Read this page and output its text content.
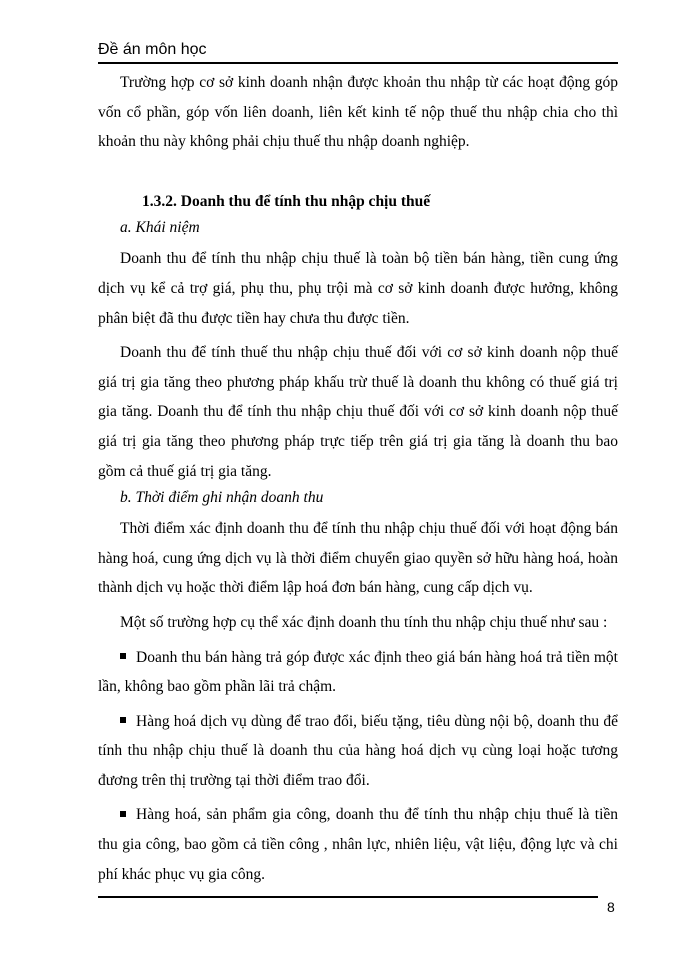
Đề án môn học

Trường hợp cơ sở kinh doanh nhận được khoản thu nhập từ các hoạt động góp vốn cổ phần, góp vốn liên doanh, liên kết kinh tế nộp thuế thu nhập chia cho thì khoản thu này không phải chịu thuế thu nhập doanh nghiệp.

1.3.2. Doanh thu để tính thu nhập chịu thuế
a. Khái niệm

Doanh thu để tính thu nhập chịu thuế là toàn bộ tiền bán hàng, tiền cung ứng dịch vụ kể cả trợ giá, phụ thu, phụ trội mà cơ sở kinh doanh được hưởng, không phân biệt đã thu được tiền hay chưa thu được tiền.

Doanh thu để tính thuế thu nhập chịu thuế đối với cơ sở kinh doanh nộp thuế giá trị gia tăng theo phương pháp khấu trừ thuế là doanh thu không có thuế giá trị gia tăng. Doanh thu để tính thu nhập chịu thuế đối với cơ sở kinh doanh nộp thuế giá trị gia tăng theo phương pháp trực tiếp trên giá trị gia tăng là doanh thu bao gồm cả thuế giá trị gia tăng.

b. Thời điểm ghi nhận doanh thu

Thời điểm xác định doanh thu để tính thu nhập chịu thuế đối với hoạt động bán hàng hoá, cung ứng dịch vụ là thời điểm chuyển giao quyền sở hữu hàng hoá, hoàn thành dịch vụ hoặc thời điểm lập hoá đơn bán hàng, cung cấp dịch vụ.

Một số trường hợp cụ thể xác định doanh thu tính thu nhập chịu thuế như sau :

Doanh thu bán hàng trả góp được xác định theo giá bán hàng hoá trả tiền một lần, không bao gồm phần lãi trả chậm.

Hàng hoá dịch vụ dùng để trao đổi, biếu tặng, tiêu dùng nội bộ, doanh thu để tính thu nhập chịu thuế là doanh thu của hàng hoá dịch vụ cùng loại hoặc tương đương trên thị trường tại thời điểm trao đổi.

Hàng hoá, sản phẩm gia công, doanh thu để tính thu nhập chịu thuế là tiền thu gia công, bao gồm cả tiền công , nhân lực, nhiên liệu, vật liệu, động lực và chi phí khác phục vụ gia công.

8
